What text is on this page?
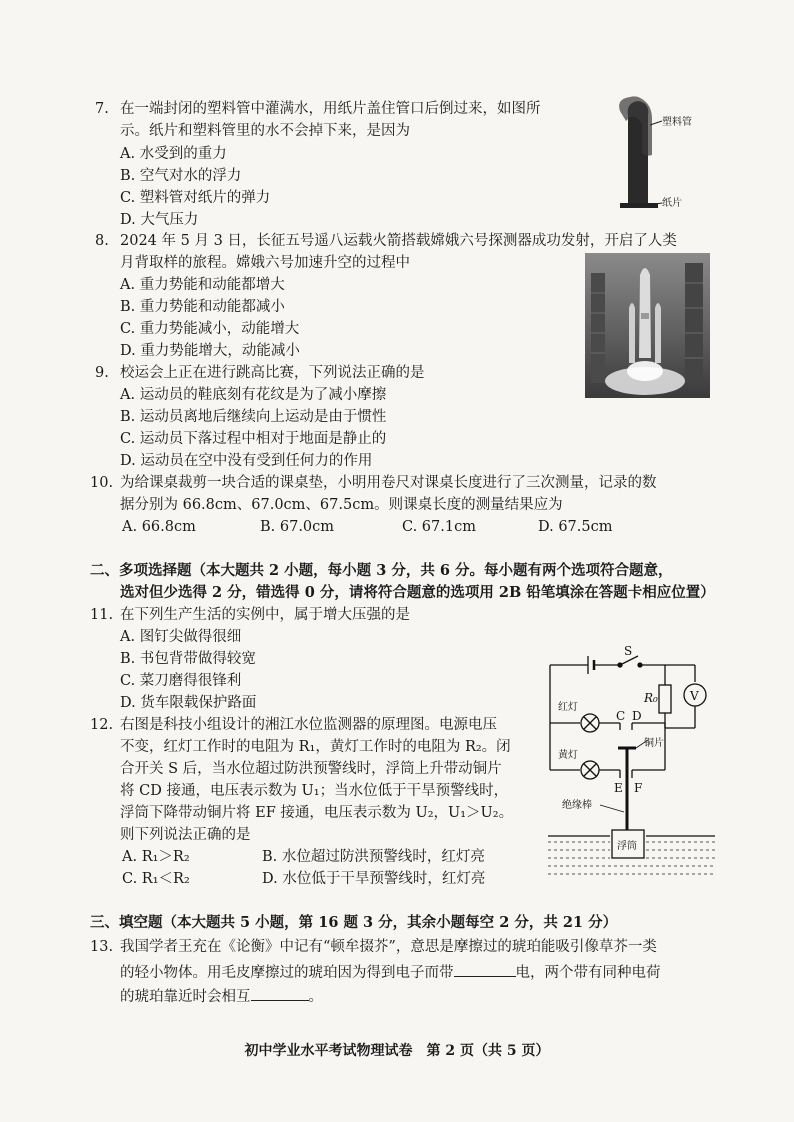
7. 在一端封闭的塑料管中灌满水，用纸片盖住管口后倒过来，如图所
示。纸片和塑料管里的水不会掉下来，是因为
A. 水受到的重力
B. 空气对水的浮力
C. 塑料管对纸片的弹力
D. 大气压力
塑料管
纸片
8. 2024 年 5 月 3 日，长征五号遥八运载火箭搭载嫦娥六号探测器成功发射，开启了人类
月背取样的旅程。嫦娥六号加速升空的过程中
A. 重力势能和动能都增大
B. 重力势能和动能都减小
C. 重力势能减小，动能增大
D. 重力势能增大，动能减小
9. 校运会上正在进行跳高比赛，下列说法正确的是
A. 运动员的鞋底刻有花纹是为了减小摩擦
B. 运动员离地后继续向上运动是由于惯性
C. 运动员下落过程中相对于地面是静止的
D. 运动员在空中没有受到任何力的作用
10. 为给课桌裁剪一块合适的课桌垫，小明用卷尺对课桌长度进行了三次测量，记录的数
据分别为 66.8cm、67.0cm、67.5cm。则课桌长度的测量结果应为
A. 66.8cm	B. 67.0cm	C. 67.1cm	D. 67.5cm
二、多项选择题（本大题共 2 小题，每小题 3 分，共 6 分。每小题有两个选项符合题意，
选对但少选得 2 分，错选得 0 分，请将符合题意的选项用 2B 铅笔填涂在答题卡相应位置）
11. 在下列生产生活的实例中，属于增大压强的是
A. 图钉尖做得很细
B. 书包背带做得较宽
C. 菜刀磨得很锋利
D. 货车限载保护路面
12. 右图是科技小组设计的湘江水位监测器的原理图。电源电压
不变，红灯工作时的电阻为 R₁，黄灯工作时的电阻为 R₂。闭
合开关 S 后，当水位超过防洪预警线时，浮筒上升带动铜片
将 CD 接通，电压表示数为 U₁；当水位低于干旱预警线时，
浮筒下降带动铜片将 EF 接通，电压表示数为 U₂，U₁＞U₂。
则下列说法正确的是
A. R₁＞R₂	B. 水位超过防洪预警线时，红灯亮
C. R₁＜R₂	D. 水位低于干旱预警线时，红灯亮
S
R₀	V
红灯
C D
铜片
黄灯
E F
绝缘棒
浮筒
三、填空题（本大题共 5 小题，第 16 题 3 分，其余小题每空 2 分，共 21 分）
13. 我国学者王充在《论衡》中记有“顿牟掇芥”，意思是摩擦过的琥珀能吸引像草芥一类
的轻小物体。用毛皮摩擦过的琥珀因为得到电子而带	电，两个带有同种电荷
的琥珀靠近时会相互	。
初中学业水平考试物理试卷　第 2 页（共 5 页）
